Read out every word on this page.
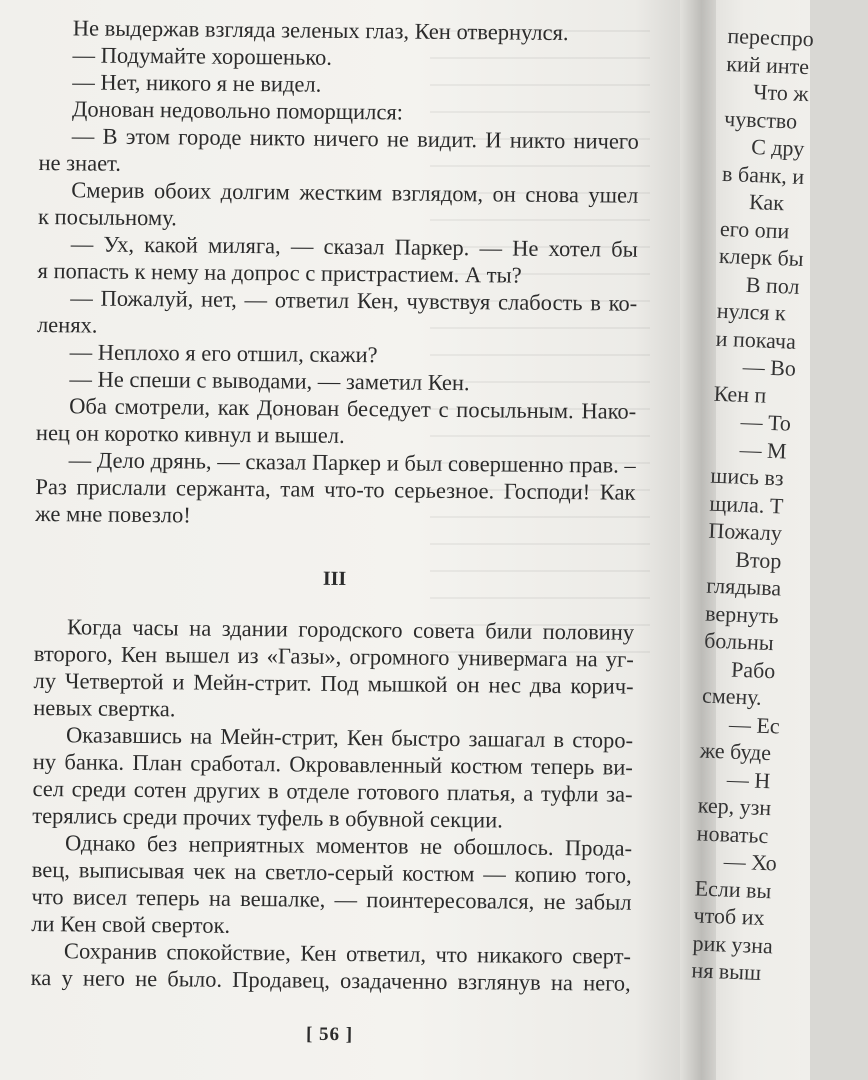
Не выдержав взгляда зеленых глаз, Кен отвернулся.
— Подумайте хорошенько.
— Нет, никого я не видел.
Донован недовольно поморщился:
— В этом городе никто ничего не видит. И никто ничего
не знает.
Смерив обоих долгим жестким взглядом, он снова ушел
к посыльному.
— Ух, какой миляга, — сказал Паркер. — Не хотел бы
я попасть к нему на допрос с пристрастием. А ты?
— Пожалуй, нет, — ответил Кен, чувствуя слабость в ко-
ленях.
— Неплохо я его отшил, скажи?
— Не спеши с выводами, — заметил Кен.
Оба смотрели, как Донован беседует с посыльным. Нако-
нец он коротко кивнул и вышел.
— Дело дрянь, — сказал Паркер и был совершенно прав. –
Раз прислали сержанта, там что-то серьезное. Господи! Как
же мне повезло!
III
Когда часы на здании городского совета били половину
второго, Кен вышел из «Газы», огромного универмага на уг-
лу Четвертой и Мейн-стрит. Под мышкой он нес два корич-
невых свертка.
Оказавшись на Мейн-стрит, Кен быстро зашагал в сторо-
ну банка. План сработал. Окровавленный костюм теперь ви-
сел среди сотен других в отделе готового платья, а туфли за-
терялись среди прочих туфель в обувной секции.
Однако без неприятных моментов не обошлось. Прода-
вец, выписывая чек на светло-серый костюм — копию того,
что висел теперь на вешалке, — поинтересовался, не забыл
ли Кен свой сверток.
Сохранив спокойствие, Кен ответил, что никакого сверт-
ка у него не было. Продавец, озадаченно взглянув на него,
[ 56 ]
переспро
кий инте
Что ж
чувство
С дру
в банк, и
Как
его опи
клерк бы
В пол
нулся к
и покача
— Во
Кен п
— То
— М
шись вз
щила. Т
Пожалу
Втор
глядыва
вернуть
больны
Рабо
смену.
— Ес
же буде
— Н
кер, узн
новатьс
— Хо
Если вы
чтоб их
рик узна
ня выш
